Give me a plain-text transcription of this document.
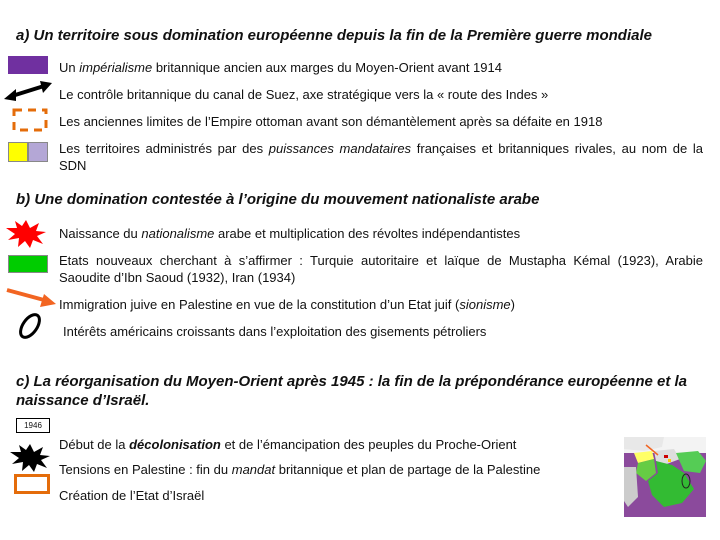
a) Un territoire sous domination européenne depuis la fin de la Première guerre mondiale
Un impérialisme britannique ancien aux marges du Moyen-Orient avant 1914
Le contrôle britannique du canal de Suez, axe stratégique vers la « route des Indes »
Les anciennes limites de l’Empire ottoman avant son démantèlement après sa défaite en 1918
Les territoires administrés par des puissances mandataires françaises et britanniques rivales, au nom de la SDN
b) Une domination contestée à l’origine du mouvement nationaliste arabe
Naissance du nationalisme arabe et multiplication des révoltes indépendantistes
Etats nouveaux cherchant à s’affirmer : Turquie autoritaire et laïque de Mustapha Kémal (1923), Arabie Saoudite d’Ibn Saoud (1932), Iran (1934)
Immigration juive en Palestine en vue de la constitution d’un Etat juif (sionisme)
Intérêts américains croissants dans l’exploitation des gisements pétroliers
c) La réorganisation du Moyen-Orient après 1945 : la fin de la prépondérance européenne et la naissance d’Israël.
1946
Début de la décolonisation et de l’émancipation des peuples du Proche-Orient
Tensions en Palestine : fin du mandat britannique et plan de partage de la Palestine
Création de l’Etat d’Israël
